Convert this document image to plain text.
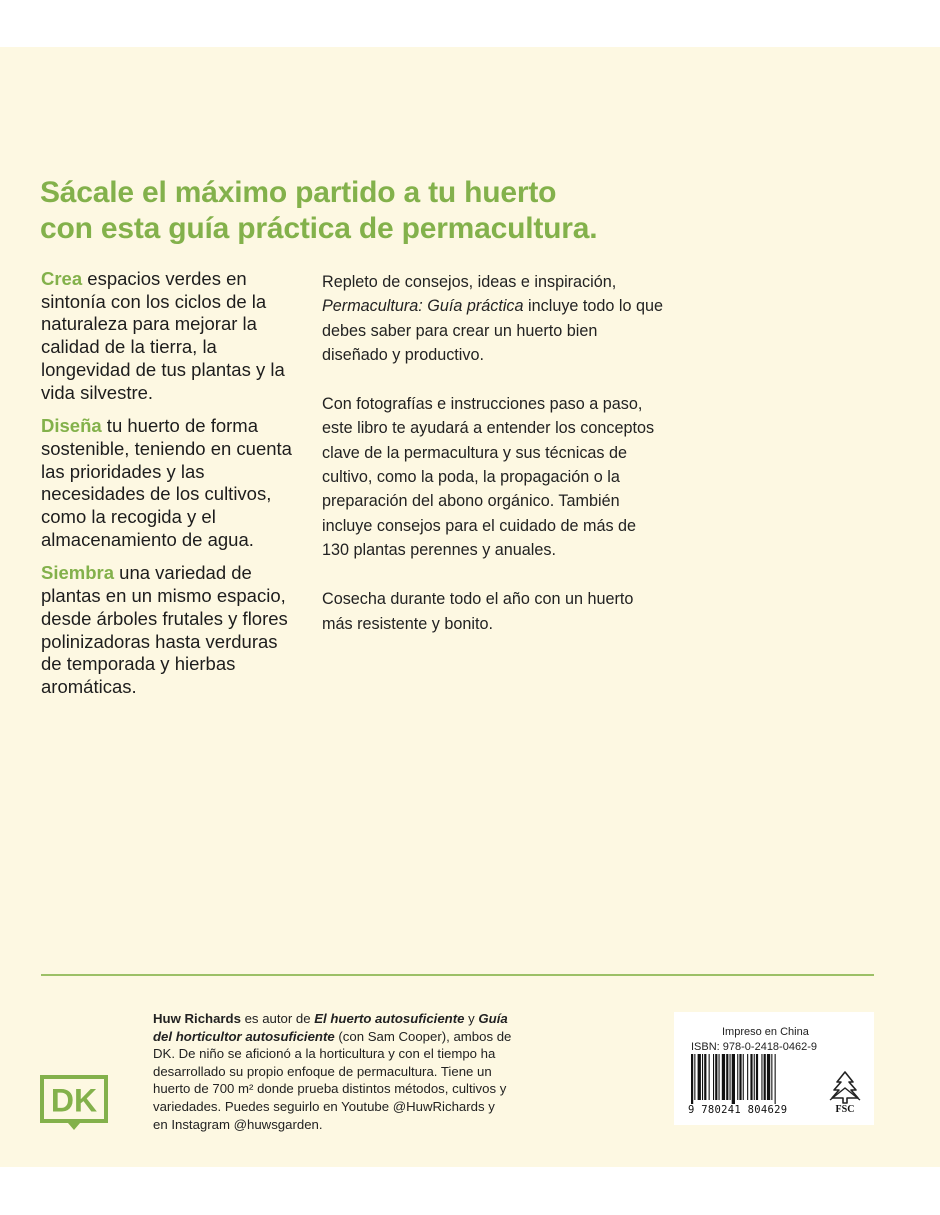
Sácale el máximo partido a tu huerto
con esta guía práctica de permacultura.

Crea espacios verdes en sintonía con los ciclos de la naturaleza para mejorar la calidad de la tierra, la longevidad de tus plantas y la vida silvestre.

Diseña tu huerto de forma sostenible, teniendo en cuenta las prioridades y las necesidades de los cultivos, como la recogida y el almacenamiento de agua.

Siembra una variedad de plantas en un mismo espacio, desde árboles frutales y flores polinizadoras hasta verduras de temporada y hierbas aromáticas.

Repleto de consejos, ideas e inspiración, Permacultura: Guía práctica incluye todo lo que debes saber para crear un huerto bien diseñado y productivo.

Con fotografías e instrucciones paso a paso, este libro te ayudará a entender los conceptos clave de la permacultura y sus técnicas de cultivo, como la poda, la propagación o la preparación del abono orgánico. También incluye consejos para el cuidado de más de 130 plantas perennes y anuales.

Cosecha durante todo el año con un huerto más resistente y bonito.

DK

Huw Richards es autor de El huerto autosuficiente y Guía del horticultor autosuficiente (con Sam Cooper), ambos de DK. De niño se aficionó a la horticultura y con el tiempo ha desarrollado su propio enfoque de permacultura. Tiene un huerto de 700 m² donde prueba distintos métodos, cultivos y variedades. Puedes seguirlo en Youtube @HuwRichards y en Instagram @huwsgarden.

Impreso en China
ISBN: 978-0-2418-0462-9
9 780241 804629	FSC
